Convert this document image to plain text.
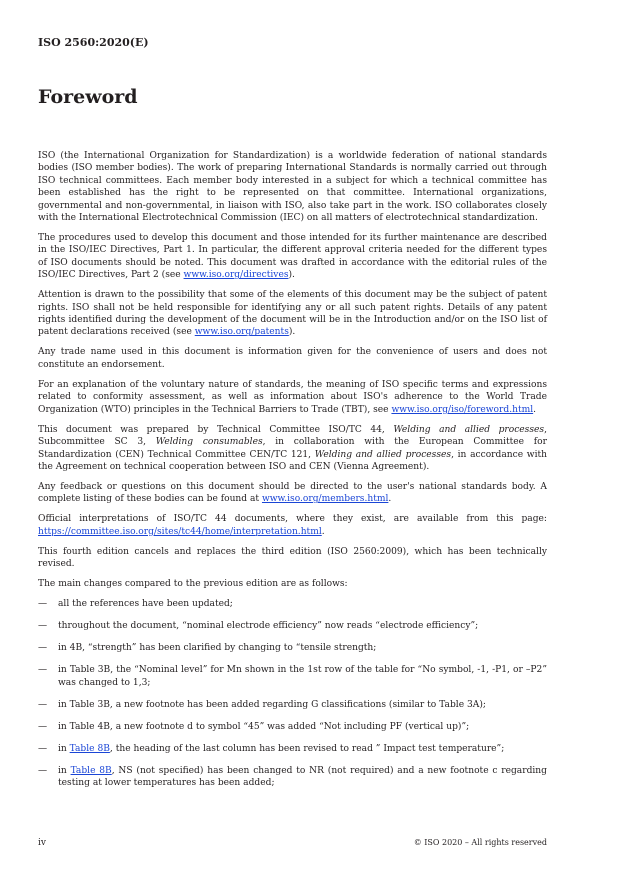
ISO 2560:2020(E)
Foreword

ISO (the International Organization for Standardization) is a worldwide federation of national standards bodies (ISO member bodies). The work of preparing International Standards is normally carried out through ISO technical committees. Each member body interested in a subject for which a technical committee has been established has the right to be represented on that committee. International organizations, governmental and non-governmental, in liaison with ISO, also take part in the work. ISO collaborates closely with the International Electrotechnical Commission (IEC) on all matters of electrotechnical standardization.

The procedures used to develop this document and those intended for its further maintenance are described in the ISO/IEC Directives, Part 1. In particular, the different approval criteria needed for the different types of ISO documents should be noted. This document was drafted in accordance with the editorial rules of the ISO/IEC Directives, Part 2 (see www.iso.org/directives).

Attention is drawn to the possibility that some of the elements of this document may be the subject of patent rights. ISO shall not be held responsible for identifying any or all such patent rights. Details of any patent rights identified during the development of the document will be in the Introduction and/or on the ISO list of patent declarations received (see www.iso.org/patents).

Any trade name used in this document is information given for the convenience of users and does not constitute an endorsement.

For an explanation of the voluntary nature of standards, the meaning of ISO specific terms and expressions related to conformity assessment, as well as information about ISO's adherence to the World Trade Organization (WTO) principles in the Technical Barriers to Trade (TBT), see www.iso.org/iso/foreword.html.

This document was prepared by Technical Committee ISO/TC 44, Welding and allied processes, Subcommittee SC 3, Welding consumables, in collaboration with the European Committee for Standardization (CEN) Technical Committee CEN/TC 121, Welding and allied processes, in accordance with the Agreement on technical cooperation between ISO and CEN (Vienna Agreement).

Any feedback or questions on this document should be directed to the user's national standards body. A complete listing of these bodies can be found at www.iso.org/members.html.

Official interpretations of ISO/TC 44 documents, where they exist, are available from this page: https://committee.iso.org/sites/tc44/home/interpretation.html.

This fourth edition cancels and replaces the third edition (ISO 2560:2009), which has been technically revised.

The main changes compared to the previous edition are as follows:

—	all the references have been updated;
—	throughout the document, “nominal electrode efficiency” now reads “electrode efficiency”;
—	in 4B, “strength” has been clarified by changing to “tensile strength;
—	in Table 3B, the “Nominal level” for Mn shown in the 1st row of the table for “No symbol, -1, -P1, or –P2” was changed to 1,3;
—	in Table 3B, a new footnote has been added regarding G classifications (similar to Table 3A);
—	in Table 4B, a new footnote d to symbol “45” was added “Not including PF (vertical up)”;
—	in Table 8B, the heading of the last column has been revised to read ” Impact test temperature”;
—	in Table 8B, NS (not specified) has been changed to NR (not required) and a new footnote c regarding testing at lower temperatures has been added;
iv	© ISO 2020 – All rights reserved
